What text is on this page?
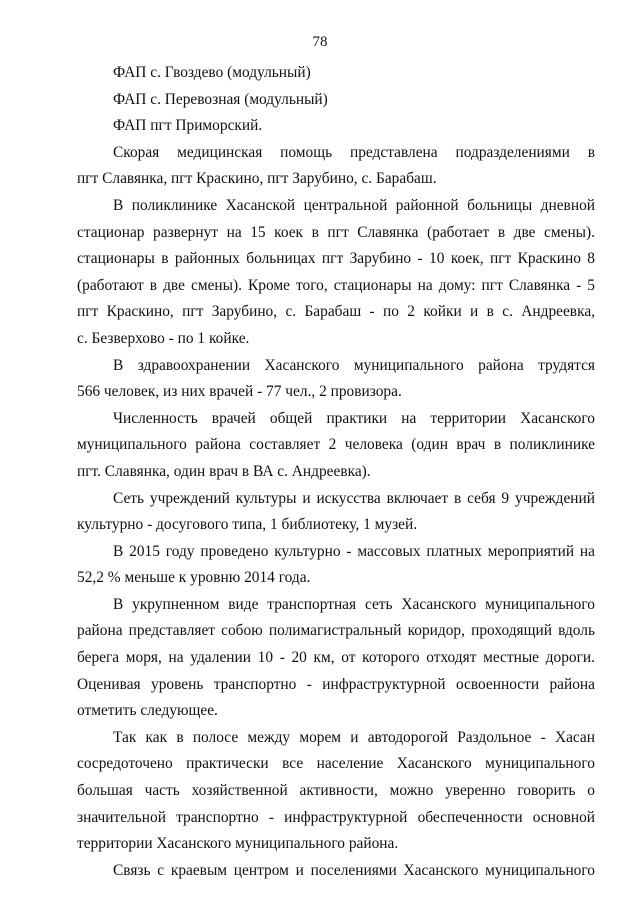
78
ФАП с. Гвоздево (модульный)
ФАП с. Перевозная (модульный)
ФАП пгт Приморский.
Скорая медицинская помощь представлена подразделениями в
пгт Славянка, пгт Краскино, пгт Зарубино, с. Барабаш.
В поликлинике Хасанской центральной районной больницы дневной
стационар развернут на 15 коек в пгт Славянка (работает в две смены).
стационары в районных больницах пгт Зарубино - 10 коек, пгт Краскино 8
(работают в две смены). Кроме того, стационары на дому: пгт Славянка - 5
пгт Краскино, пгт Зарубино, с. Барабаш - по 2 койки и в с. Андреевка,
с. Безверхово - по 1 койке.
В здравоохранении Хасанского муниципального района трудятся
566 человек, из них врачей - 77 чел., 2 провизора.
Численность врачей общей практики на территории Хасанского
муниципального района составляет 2 человека (один врач в поликлинике
пгт. Славянка, один врач в ВА с. Андреевка).
Сеть учреждений культуры и искусства включает в себя 9 учреждений
культурно - досугового типа, 1 библиотеку, 1 музей.
В 2015 году проведено культурно - массовых платных мероприятий на
52,2 % меньше к уровню 2014 года.
В укрупненном виде транспортная сеть Хасанского муниципального
района представляет собою полимагистральный коридор, проходящий вдоль
берега моря, на удалении 10 - 20 км, от которого отходят местные дороги.
Оценивая уровень транспортно - инфраструктурной освоенности района
отметить следующее.
Так как в полосе между морем и автодорогой Раздольное - Хасан
сосредоточено практически все население Хасанского муниципального
большая часть хозяйственной активности, можно уверенно говорить о
значительной транспортно - инфраструктурной обеспеченности основной
территории Хасанского муниципального района.
Связь с краевым центром и поселениями Хасанского муниципального
